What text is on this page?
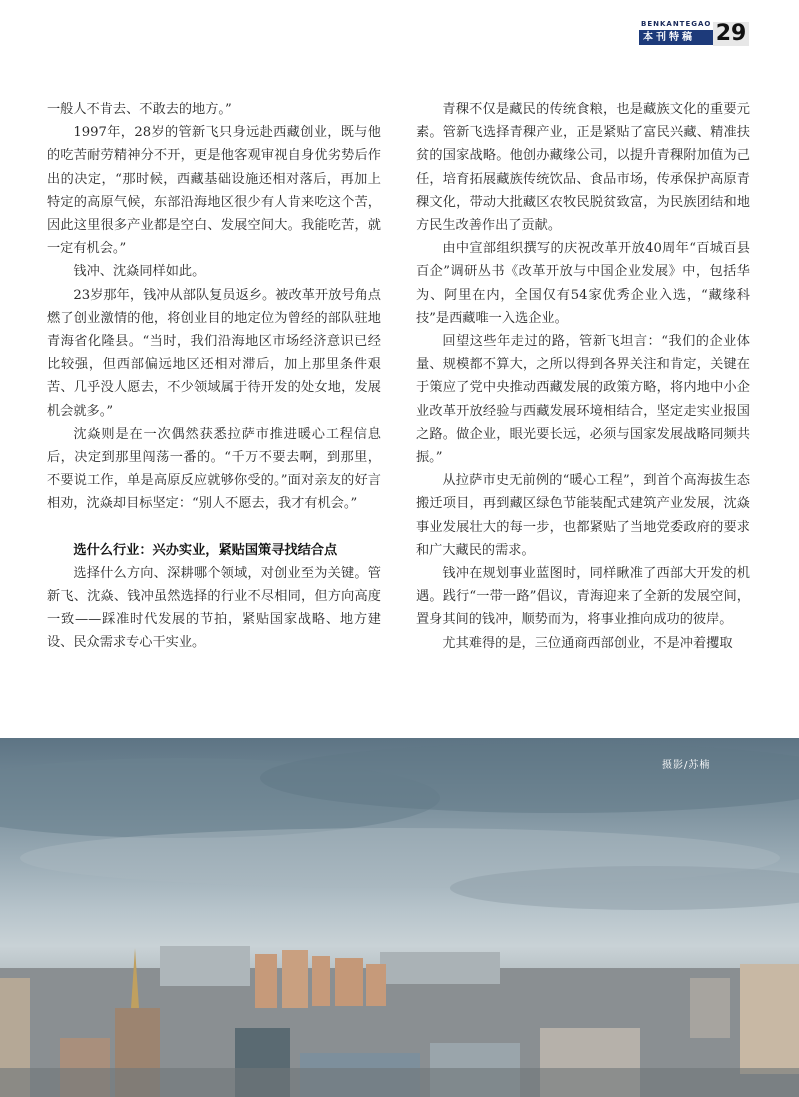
BENKANTEGAO
本刊特稿 29

一般人不肯去、不敢去的地方。”

1997年，28岁的管新飞只身远赴西藏创业，既与他的吃苦耐劳精神分不开，更是他客观审视自身优劣势后作出的决定，“那时候，西藏基础设施还相对落后，再加上特定的高原气候，东部沿海地区很少有人肯来吃这个苦，因此这里很多产业都是空白、发展空间大。我能吃苦，就一定有机会。”

钱冲、沈焱同样如此。

23岁那年，钱冲从部队复员返乡。被改革开放号角点燃了创业激情的他，将创业目的地定位为曾经的部队驻地青海省化隆县。“当时，我们沿海地区市场经济意识已经比较强，但西部偏远地区还相对滞后，加上那里条件艰苦、几乎没人愿去，不少领域属于待开发的处女地，发展机会就多。”

沈焱则是在一次偶然获悉拉萨市推进暖心工程信息后，决定到那里闯荡一番的。“千万不要去啊，到那里，不要说工作，单是高原反应就够你受的。”面对亲友的好言相劝，沈焱却目标坚定：“别人不愿去，我才有机会。”

选什么行业：兴办实业，紧贴国策寻找结合点

选择什么方向、深耕哪个领域，对创业至为关键。管新飞、沈焱、钱冲虽然选择的行业不尽相同，但方向高度一致——踩准时代发展的节拍，紧贴国家战略、地方建设、民众需求专心干实业。

青稞不仅是藏民的传统食粮，也是藏族文化的重要元素。管新飞选择青稞产业，正是紧贴了富民兴藏、精准扶贫的国家战略。他创办藏缘公司，以提升青稞附加值为己任，培育拓展藏族传统饮品、食品市场，传承保护高原青稞文化，带动大批藏区农牧民脱贫致富，为民族团结和地方民生改善作出了贡献。

由中宣部组织撰写的庆祝改革开放40周年“百城百县百企”调研丛书《改革开放与中国企业发展》中，包括华为、阿里在内，全国仅有54家优秀企业入选，“藏缘科技”是西藏唯一入选企业。

回望这些年走过的路，管新飞坦言：“我们的企业体量、规模都不算大，之所以得到各界关注和肯定，关键在于策应了党中央推动西藏发展的政策方略，将内地中小企业改革开放经验与西藏发展环境相结合，坚定走实业报国之路。做企业，眼光要长远，必须与国家发展战略同频共振。”

从拉萨市史无前例的“暖心工程”，到首个高海拔生态搬迁项目，再到藏区绿色节能装配式建筑产业发展，沈焱事业发展壮大的每一步，也都紧贴了当地党委政府的要求和广大藏民的需求。

钱冲在规划事业蓝图时，同样瞅准了西部大开发的机遇。践行“一带一路”倡议，青海迎来了全新的发展空间，置身其间的钱冲，顺势而为，将事业推向成功的彼岸。

尤其难得的是，三位通商西部创业，不是冲着攫取

摄影/苏楠
